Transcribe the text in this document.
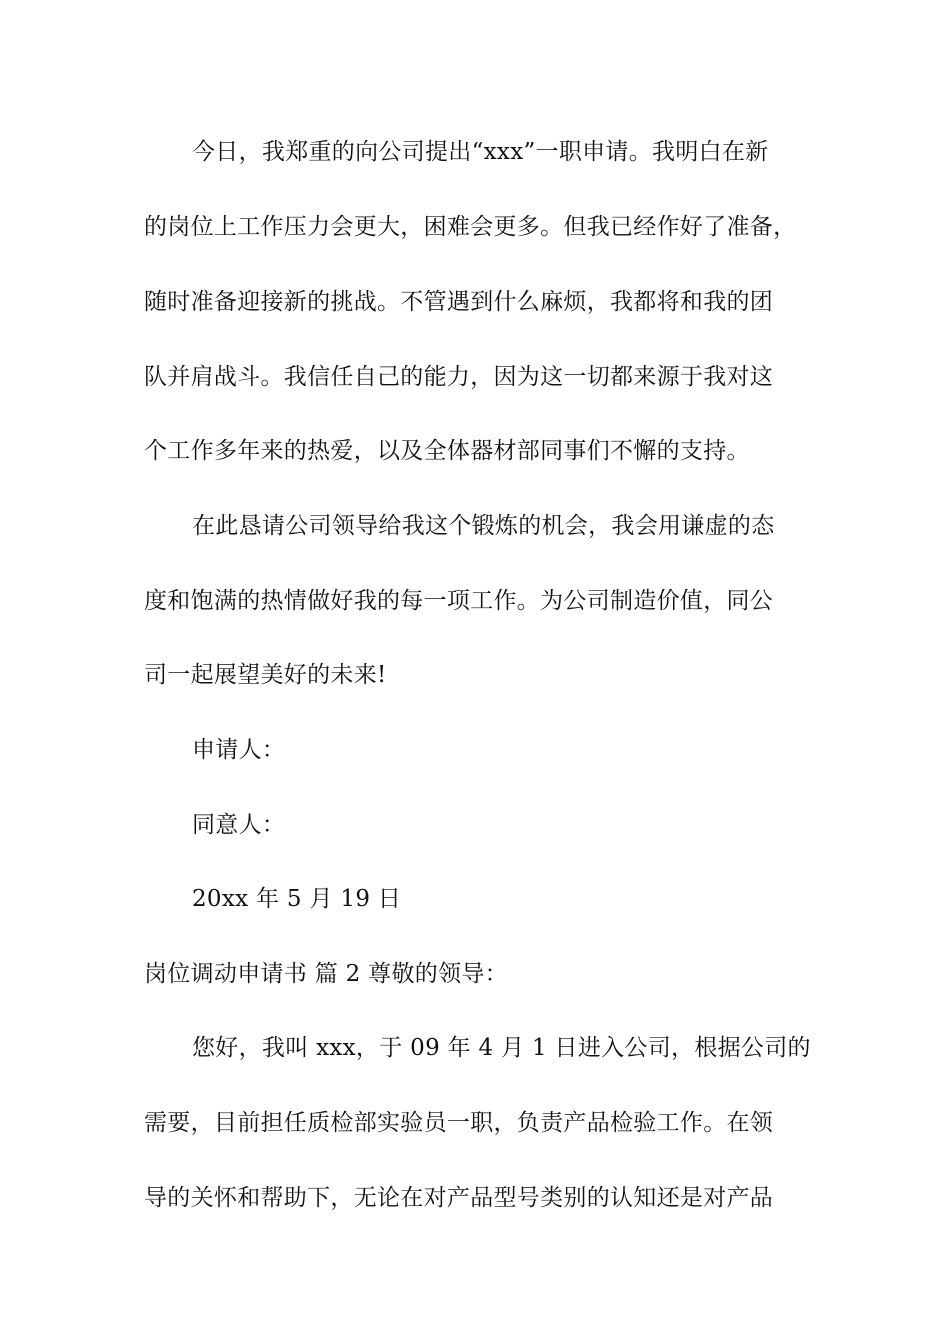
今日，我郑重的向公司提出“xxx”一职申请。我明白在新
的岗位上工作压力会更大，困难会更多。但我已经作好了准备，
随时准备迎接新的挑战。不管遇到什么麻烦，我都将和我的团
队并肩战斗。我信任自己的能力，因为这一切都来源于我对这
个工作多年来的热爱，以及全体器材部同事们不懈的支持。
在此恳请公司领导给我这个锻炼的机会，我会用谦虚的态
度和饱满的热情做好我的每一项工作。为公司制造价值，同公
司一起展望美好的未来!
申请人：
同意人：
20xx 年 5 月 19 日
岗位调动申请书 篇 2 尊敬的领导：
您好，我叫 xxx，于 09 年 4 月 1 日进入公司，根据公司的
需要，目前担任质检部实验员一职，负责产品检验工作。在领
导的关怀和帮助下，无论在对产品型号类别的认知还是对产品
